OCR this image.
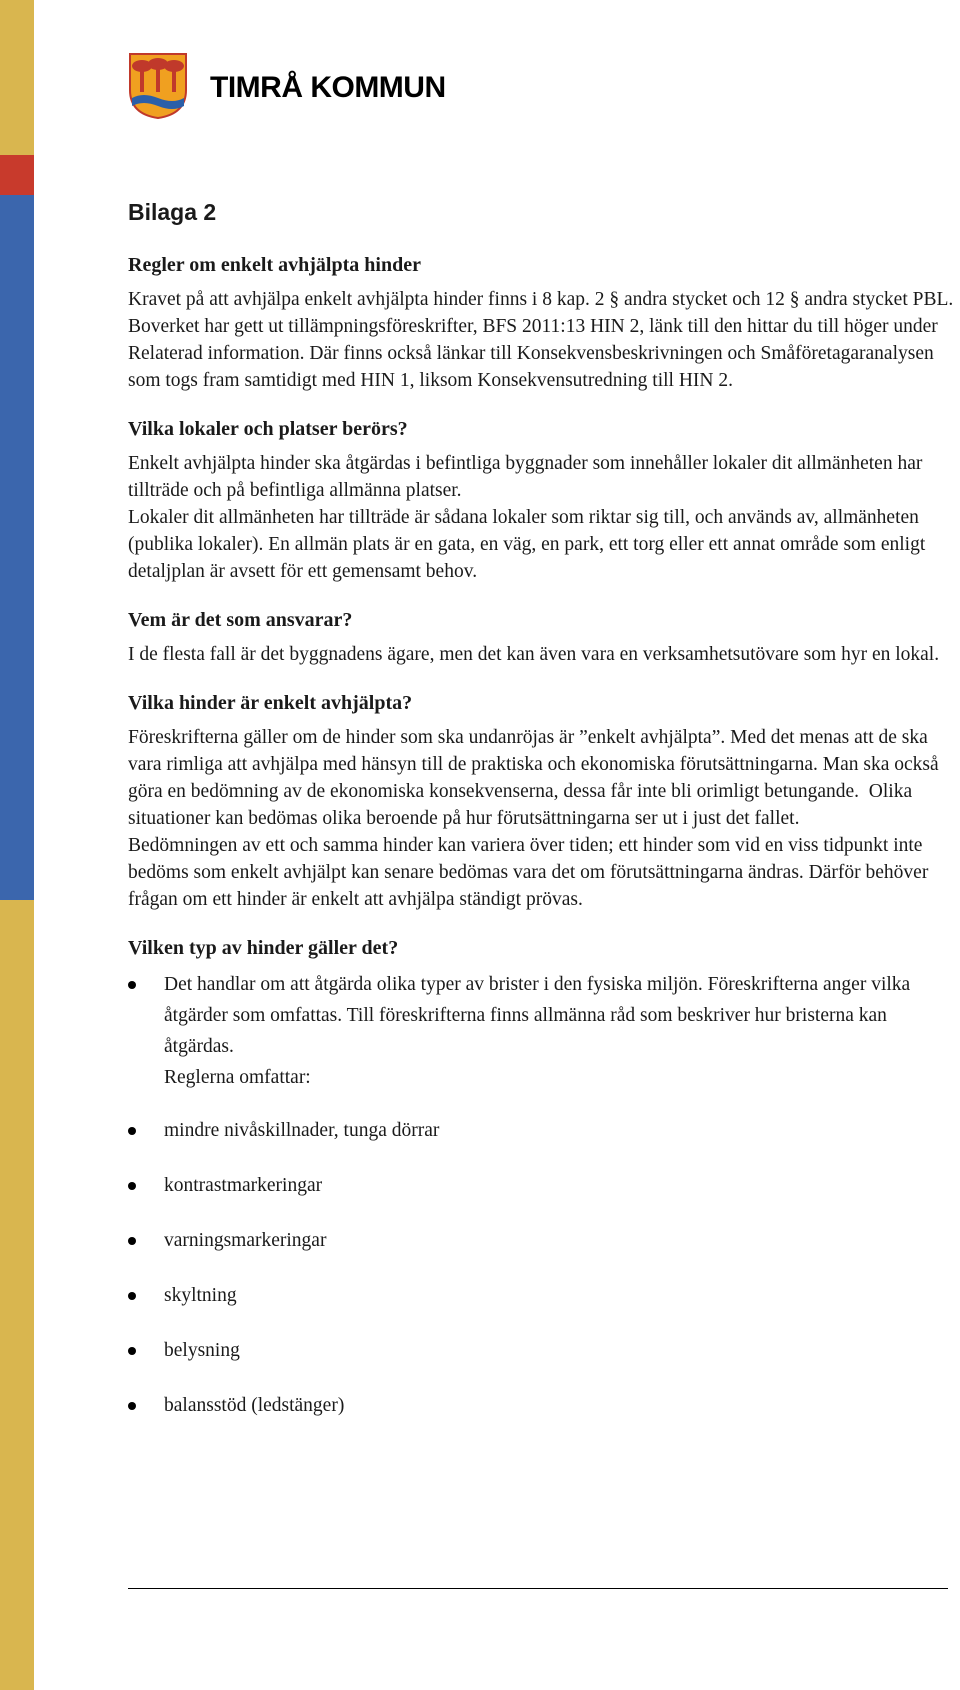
TIMRÅ KOMMUN
Bilaga 2
Regler om enkelt avhjälpta hinder

Kravet på att avhjälpa enkelt avhjälpta hinder finns i 8 kap. 2 § andra stycket och 12 § andra stycket PBL. Boverket har gett ut tillämpningsföreskrifter, BFS 2011:13 HIN 2, länk till den hittar du till höger under Relaterad information. Där finns också länkar till Konsekvensbeskrivningen och Småföretagaranalysen som togs fram samtidigt med HIN 1, liksom Konsekvensutredning till HIN 2.

Vilka lokaler och platser berörs?

Enkelt avhjälpta hinder ska åtgärdas i befintliga byggnader som innehåller lokaler dit allmänheten har tillträde och på befintliga allmänna platser.

Lokaler dit allmänheten har tillträde är sådana lokaler som riktar sig till, och används av, allmänheten (publika lokaler). En allmän plats är en gata, en väg, en park, ett torg eller ett annat område som enligt detaljplan är avsett för ett gemensamt behov.

Vem är det som ansvarar?

I de flesta fall är det byggnadens ägare, men det kan även vara en verksamhetsutövare som hyr en lokal.

Vilka hinder är enkelt avhjälpta?

Föreskrifterna gäller om de hinder som ska undanröjas är ”enkelt avhjälpta”. Med det menas att de ska vara rimliga att avhjälpa med hänsyn till de praktiska och ekonomiska förutsättningarna. Man ska också göra en bedömning av de ekonomiska konsekvenserna, dessa får inte bli orimligt betungande.  Olika situationer kan bedömas olika beroende på hur förutsättningarna ser ut i just det fallet.

Bedömningen av ett och samma hinder kan variera över tiden; ett hinder som vid en viss tidpunkt inte bedöms som enkelt avhjälpt kan senare bedömas vara det om förutsättningarna ändras. Därför behöver frågan om ett hinder är enkelt att avhjälpa ständigt prövas.

Vilken typ av hinder gäller det?
Det handlar om att åtgärda olika typer av brister i den fysiska miljön. Föreskrifterna anger vilka åtgärder som omfattas. Till föreskrifterna finns allmänna råd som beskriver hur bristerna kan åtgärdas.
Reglerna omfattar:
mindre nivåskillnader, tunga dörrar
kontrastmarkeringar
varningsmarkeringar
skyltning
belysning
balansstöd (ledstänger)
